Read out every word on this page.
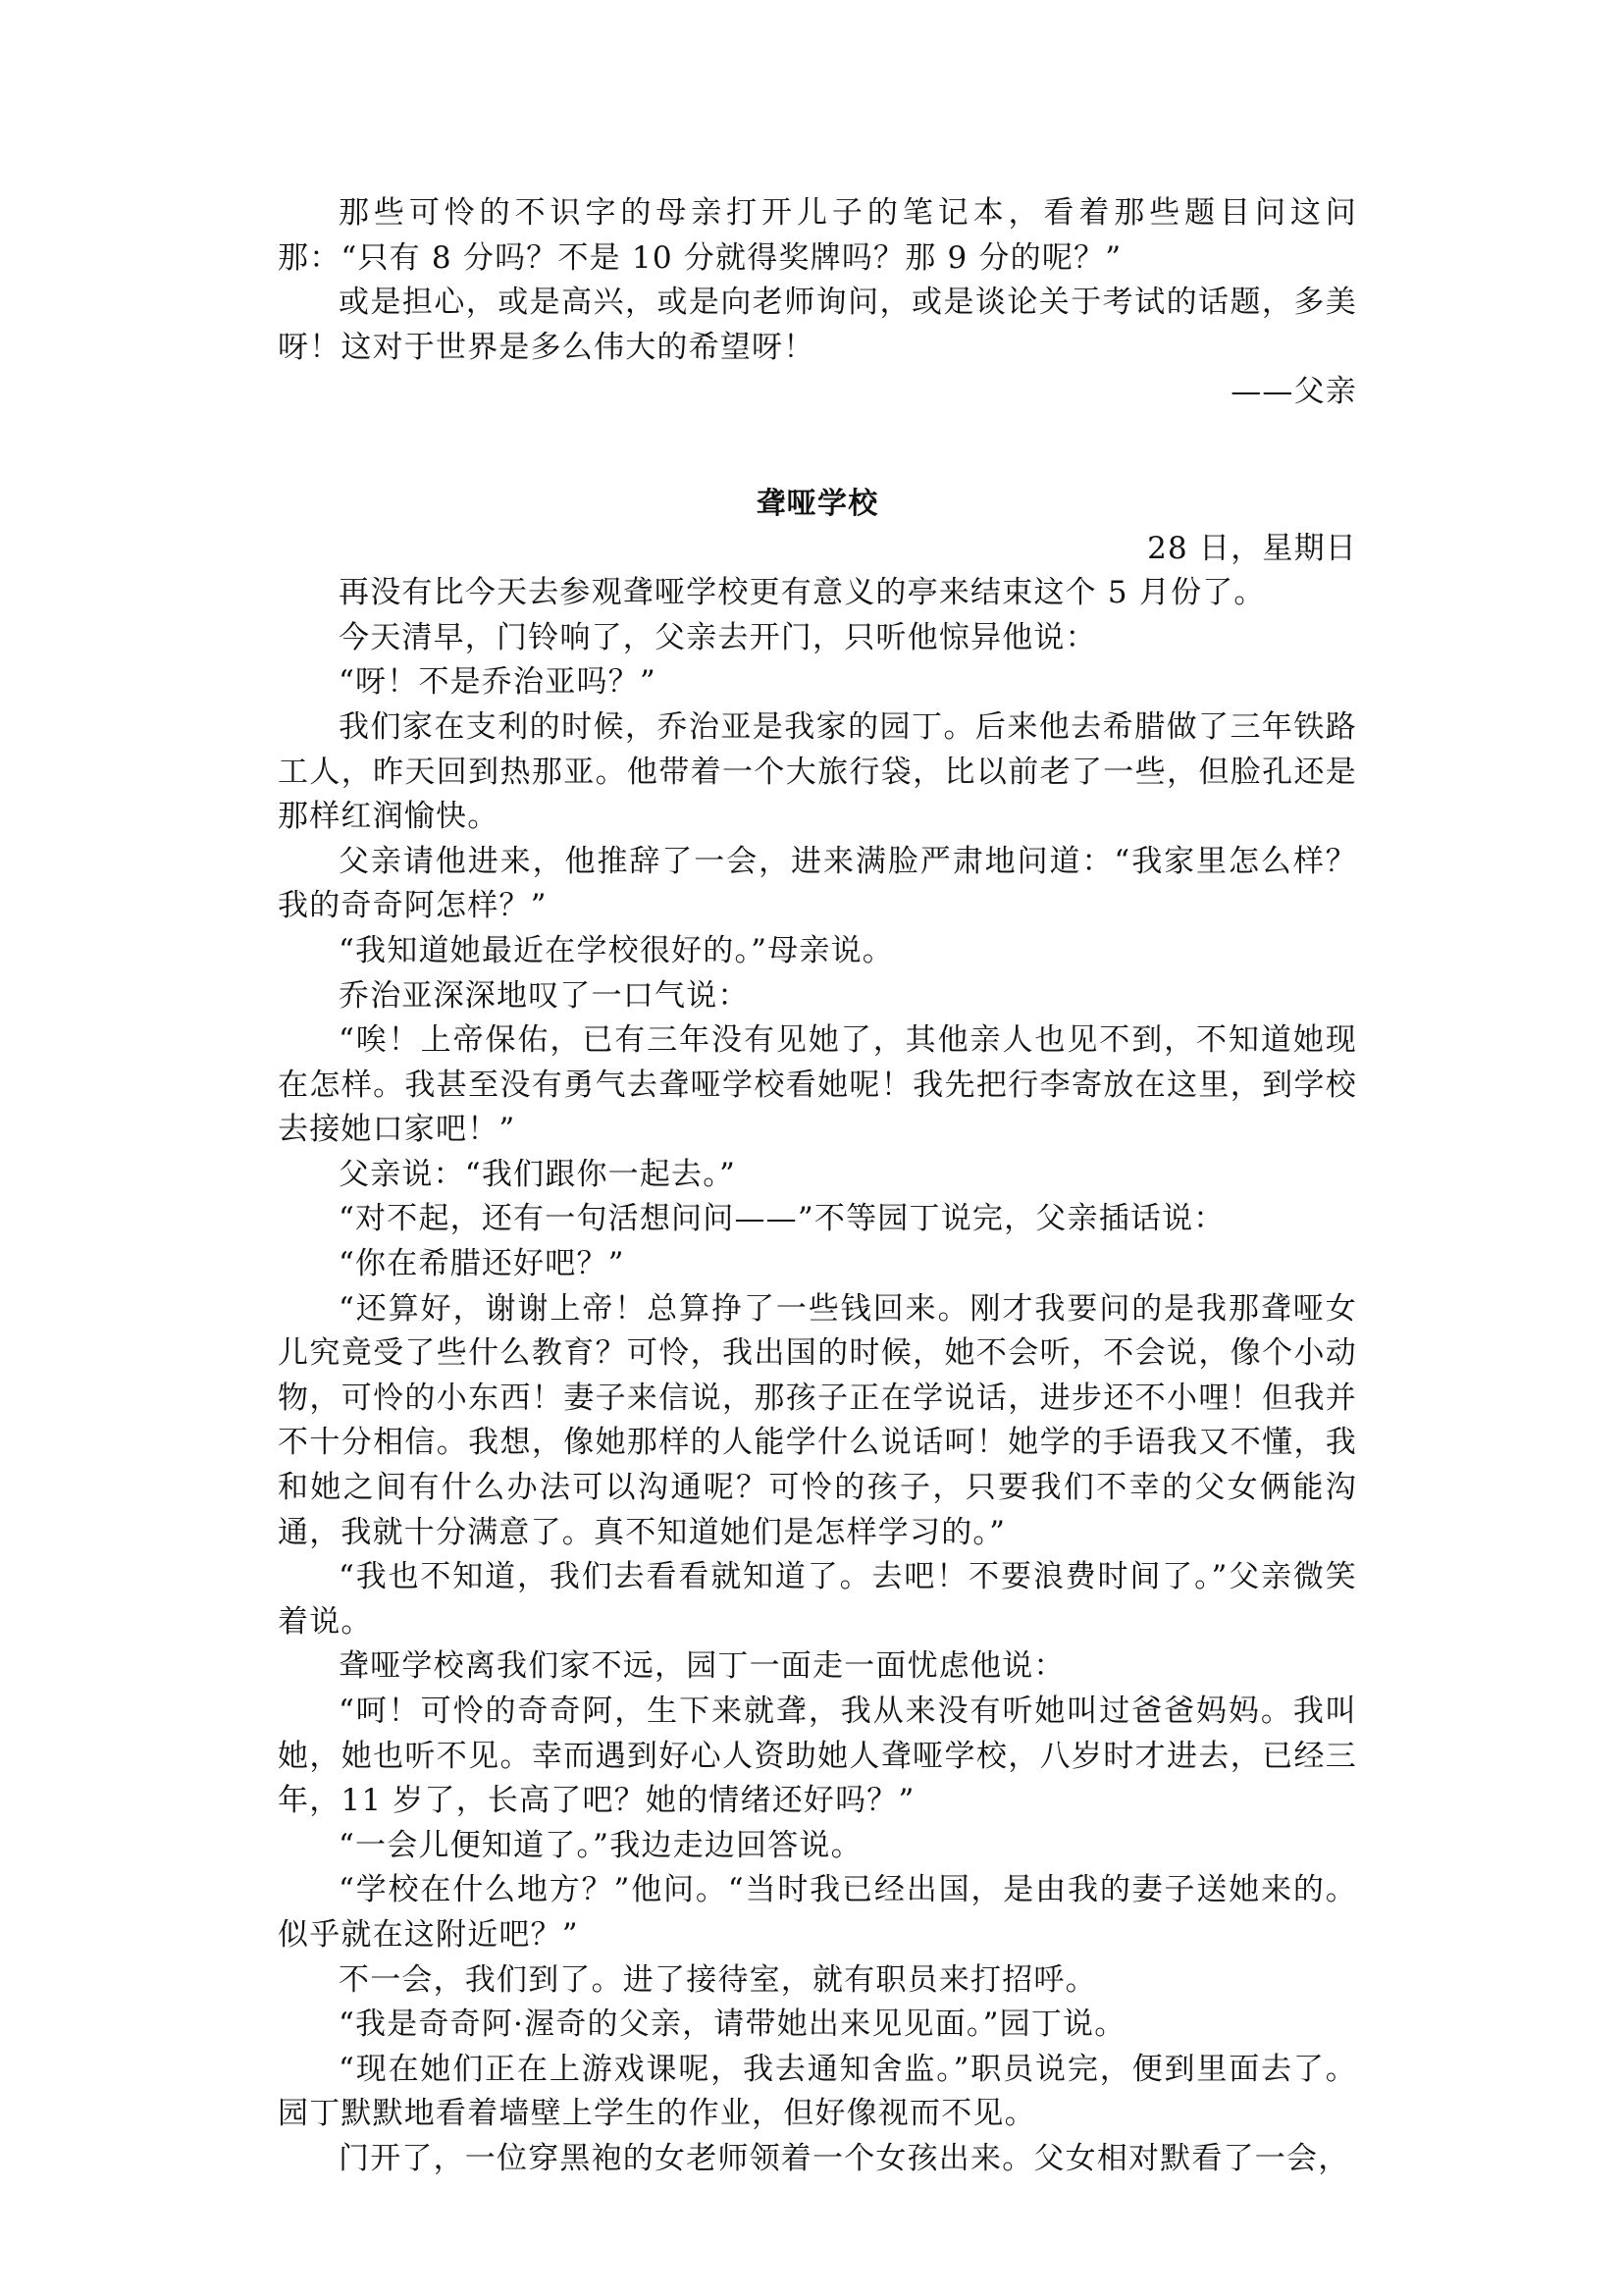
那些可怜的不识字的母亲打开儿子的笔记本，看着那些题目问这问那：“只有 8 分吗？不是 10 分就得奖牌吗？那 9 分的呢？”

或是担心，或是高兴，或是向老师询问，或是谈论关于考试的话题，多美呀！这对于世界是多么伟大的希望呀！

——父亲

聋哑学校

28 日，星期日

再没有比今天去参观聋哑学校更有意义的亭来结束这个 5 月份了。

今天清早，门铃响了，父亲去开门，只听他惊异他说：

“呀！不是乔治亚吗？”

我们家在支利的时候，乔治亚是我家的园丁。后来他去希腊做了三年铁路工人，昨天回到热那亚。他带着一个大旅行袋，比以前老了一些，但脸孔还是那样红润愉快。

父亲请他进来，他推辞了一会，进来满脸严肃地问道：“我家里怎么样？我的奇奇阿怎样？”

“我知道她最近在学校很好的。”母亲说。

乔治亚深深地叹了一口气说：

“唉！上帝保佑，已有三年没有见她了，其他亲人也见不到，不知道她现在怎样。我甚至没有勇气去聋哑学校看她呢！我先把行李寄放在这里，到学校去接她口家吧！”

父亲说：“我们跟你一起去。”

“对不起，还有一句活想问问——”不等园丁说完，父亲插话说：

“你在希腊还好吧？”

“还算好，谢谢上帝！总算挣了一些钱回来。刚才我要问的是我那聋哑女儿究竟受了些什么教育？可怜，我出国的时候，她不会听，不会说，像个小动物，可怜的小东西！妻子来信说，那孩子正在学说话，进步还不小哩！但我并不十分相信。我想，像她那样的人能学什么说话呵！她学的手语我又不懂，我和她之间有什么办法可以沟通呢？可怜的孩子，只要我们不幸的父女俩能沟通，我就十分满意了。真不知道她们是怎样学习的。”

“我也不知道，我们去看看就知道了。去吧！不要浪费时间了。”父亲微笑着说。

聋哑学校离我们家不远，园丁一面走一面忧虑他说：

“呵！可怜的奇奇阿，生下来就聋，我从来没有听她叫过爸爸妈妈。我叫她，她也听不见。幸而遇到好心人资助她人聋哑学校，八岁时才进去，已经三年，11 岁了，长高了吧？她的情绪还好吗？”

“一会儿便知道了。”我边走边回答说。

“学校在什么地方？”他问。“当时我已经出国，是由我的妻子送她来的。似乎就在这附近吧？”

不一会，我们到了。进了接待室，就有职员来打招呼。

“我是奇奇阿·渥奇的父亲，请带她出来见见面。”园丁说。

“现在她们正在上游戏课呢，我去通知舍监。”职员说完，便到里面去了。园丁默默地看着墙壁上学生的作业，但好像视而不见。

门开了，一位穿黑袍的女老师领着一个女孩出来。父女相对默看了一会，
